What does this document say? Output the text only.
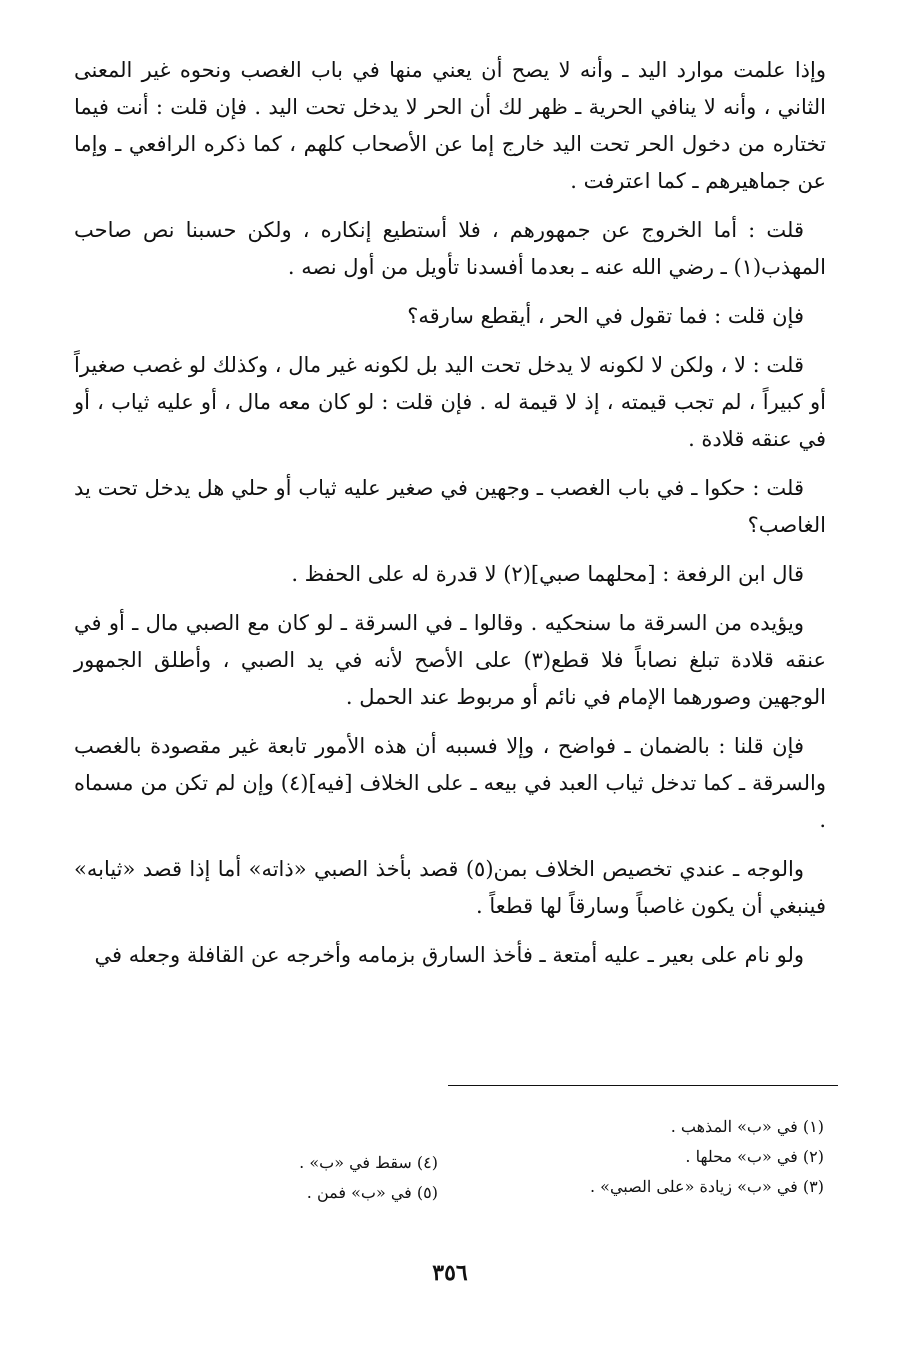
وإذا علمت موارد اليد ـ وأنه لا يصح أن يعني منها في باب الغصب ونحوه غير المعنى الثاني ، وأنه لا ينافي الحرية ـ ظهر لك أن الحر لا يدخل تحت اليد . فإن قلت : أنت فيما تختاره من دخول الحر تحت اليد خارج إما عن الأصحاب كلهم ، كما ذكره الرافعي ـ وإما عن جماهيرهم ـ كما اعترفت .

قلت : أما الخروج عن جمهورهم ، فلا أستطيع إنكاره ، ولكن حسبنا نص صاحب المهذب(١) ـ رضي الله عنه ـ بعدما أفسدنا تأويل من أول نصه .

فإن قلت : فما تقول في الحر ، أيقطع سارقه؟

قلت : لا ، ولكن لا لكونه لا يدخل تحت اليد بل لكونه غير مال ، وكذلك لو غصب صغيراً أو كبيراً ، لم تجب قيمته ، إذ لا قيمة له . فإن قلت : لو كان معه مال ، أو عليه ثياب ، أو في عنقه قلادة .

قلت : حكوا ـ في باب الغصب ـ وجهين في صغير عليه ثياب أو حلي هل يدخل تحت يد الغاصب؟

قال ابن الرفعة : [محلهما صبي](٢) لا قدرة له على الحفظ .

ويؤيده من السرقة ما سنحكيه . وقالوا ـ في السرقة ـ لو كان مع الصبي مال ـ أو في عنقه قلادة تبلغ نصاباً فلا قطع(٣) على الأصح لأنه في يد الصبي ، وأطلق الجمهور الوجهين وصورهما الإمام في نائم أو مربوط عند الحمل .

فإن قلنا : بالضمان ـ فواضح ، وإلا فسببه أن هذه الأمور تابعة غير مقصودة بالغصب والسرقة ـ كما تدخل ثياب العبد في بيعه ـ على الخلاف [فيه](٤) وإن لم تكن من مسماه .

والوجه ـ عندي تخصيص الخلاف بمن(٥) قصد بأخذ الصبي «ذاته» أما إذا قصد «ثيابه» فينبغي أن يكون غاصباً وسارقاً لها قطعاً .

ولو نام على بعير ـ عليه أمتعة ـ فأخذ السارق بزمامه وأخرجه عن القافلة وجعله في

(١) في «ب» المذهب .
(٢) في «ب» محلها .
(٣) في «ب» زيادة «على الصبي» .
(٤) سقط في «ب» .
(٥) في «ب» فمن .
٣٥٦
